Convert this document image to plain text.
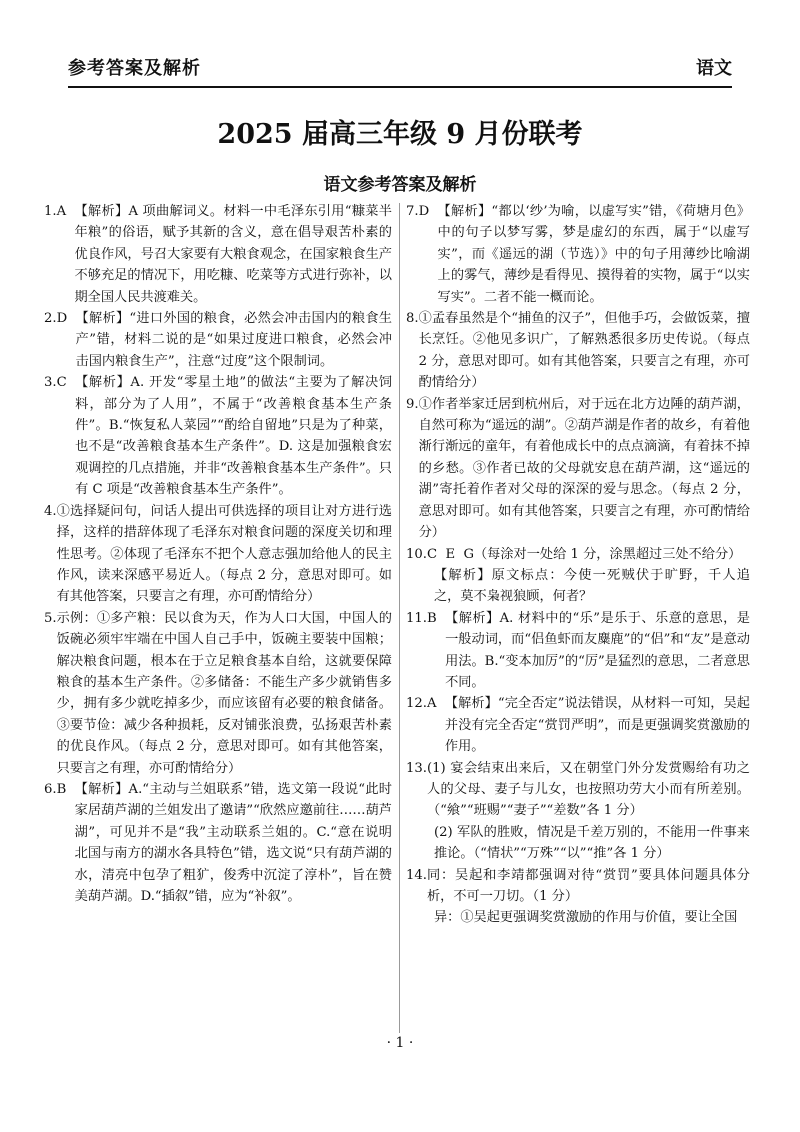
参考答案及解析	语文
2025 届高三年级 9 月份联考
语文参考答案及解析
1.A 【解析】A 项曲解词义。材料一中毛泽东引用“糠菜半年粮”的俗语，赋予其新的含义，意在倡导艰苦朴素的优良作风，号召大家要有大粮食观念，在国家粮食生产不够充足的情况下，用吃糠、吃菜等方式进行弥补，以期全国人民共渡难关。
2.D 【解析】“进口外国的粮食，必然会冲击国内的粮食生产”错，材料二说的是“如果过度进口粮食，必然会冲击国内粮食生产”，注意“过度”这个限制词。
3.C 【解析】A. 开发“零星土地”的做法“主要为了解决饲料，部分为了人用”，不属于“改善粮食基本生产条件”。B.“恢复私人菜园”“酌给自留地”只是为了种菜，也不是“改善粮食基本生产条件”。D. 这是加强粮食宏观调控的几点措施，并非“改善粮食基本生产条件”。只有 C 项是“改善粮食基本生产条件”。
4. ①选择疑问句，问话人提出可供选择的项目让对方进行选择，这样的措辞体现了毛泽东对粮食问题的深度关切和理性思考。②体现了毛泽东不把个人意志强加给他人的民主作风，读来深感平易近人。（每点 2 分，意思对即可。如有其他答案，只要言之有理，亦可酌情给分）
5. 示例：①多产粮：民以食为天，作为人口大国，中国人的饭碗必须牢牢端在中国人自己手中，饭碗主要装中国粮；解决粮食问题，根本在于立足粮食基本自给，这就要保障粮食的基本生产条件。②多储备：不能生产多少就销售多少，拥有多少就吃掉多少，而应该留有必要的粮食储备。③要节俭：减少各种损耗，反对铺张浪费，弘扬艰苦朴素的优良作风。（每点 2 分，意思对即可。如有其他答案，只要言之有理，亦可酌情给分）
6.B 【解析】A.“主动与兰姐联系”错，选文第一段说“此时家居葫芦湖的兰姐发出了邀请”“欣然应邀前往……葫芦湖”，可见并不是“我”主动联系兰姐的。C.“意在说明北国与南方的湖水各具特色”错，选文说“只有葫芦湖的水，清亮中包孕了粗犷，俊秀中沉淀了淳朴”，旨在赞美葫芦湖。D.“插叙”错，应为“补叙”。
7.D 【解析】“都以‘纱’为喻，以虚写实”错，《荷塘月色》中的句子以梦写雾，梦是虚幻的东西，属于“以虚写实”，而《遥远的湖（节选）》中的句子用薄纱比喻湖上的雾气，薄纱是看得见、摸得着的实物，属于“以实写实”。二者不能一概而论。
8. ①孟春虽然是个“捕鱼的汉子”，但他手巧，会做饭菜，擅长烹饪。②他见多识广，了解熟悉很多历史传说。（每点 2 分，意思对即可。如有其他答案，只要言之有理，亦可酌情给分）
9. ①作者举家迁居到杭州后，对于远在北方边陲的葫芦湖，自然可称为“遥远的湖”。②葫芦湖是作者的故乡，有着他渐行渐远的童年，有着他成长中的点点滴滴，有着抹不掉的乡愁。③作者已故的父母就安息在葫芦湖，这“遥远的湖”寄托着作者对父母的深深的爱与思念。（每点 2 分，意思对即可。如有其他答案，只要言之有理，亦可酌情给分）
10.C  E  G （每涂对一处给 1 分，涂黑超过三处不给分）
【解析】原文标点：今使一死贼伏于旷野，千人追之，莫不枭视狼顾，何者？
11.B 【解析】A. 材料中的“乐”是乐于、乐意的意思，是一般动词，而“侣鱼虾而友麋鹿”的“侣”和“友”是意动用法。B.“变本加厉”的“厉”是猛烈的意思，二者意思不同。
12.A 【解析】“完全否定”说法错误，从材料一可知，吴起并没有完全否定“赏罚严明”，而是更强调奖赏激励的作用。
13. (1) 宴会结束出来后，又在朝堂门外分发赏赐给有功之人的父母、妻子与儿女，也按照功劳大小而有所差别。（“飨”“班赐”“妻子”“差数”各 1 分）
(2) 军队的胜败，情况是千差万别的，不能用一件事来推论。（“情状”“万殊”“以”“推”各 1 分）
14. 同：吴起和李靖都强调对待“赏罚”要具体问题具体分析，不可一刀切。（1 分）
异：①吴起更强调奖赏激励的作用与价值，要让全国
· 1 ·
